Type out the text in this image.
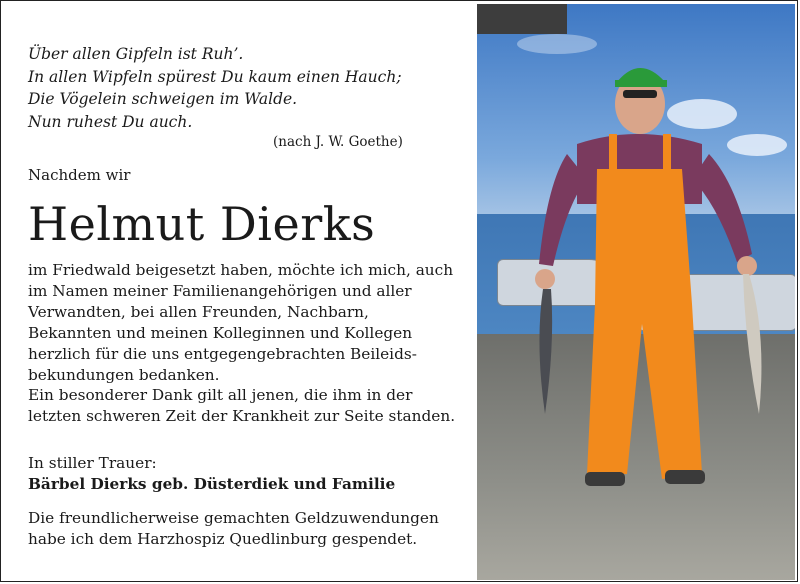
Über allen Gipfeln ist Ruh’.
In allen Wipfeln spürest Du kaum einen Hauch;
Die Vögelein schweigen im Walde.
Nun ruhest Du auch.
(nach J. W. Goethe)
Nachdem wir
Helmut Dierks

im Friedwald beigesetzt haben, möchte ich mich, auch

im Namen meiner Familienangehörigen und aller

Verwandten, bei allen Freunden, Nachbarn,

Bekannten und meinen Kolleginnen und Kollegen

herzlich für die uns entgegengebrachten Beileids-

bekundungen bedanken.

Ein besonderer Dank gilt all jenen, die ihm in der

letzten schweren Zeit der Krankheit zur Seite standen.

In stiller Trauer:
Bärbel Dierks geb. Düsterdiek und Familie
Die freundlicherweise gemachten Geldzuwendungen
habe ich dem Harzhospiz Quedlinburg gespendet.
